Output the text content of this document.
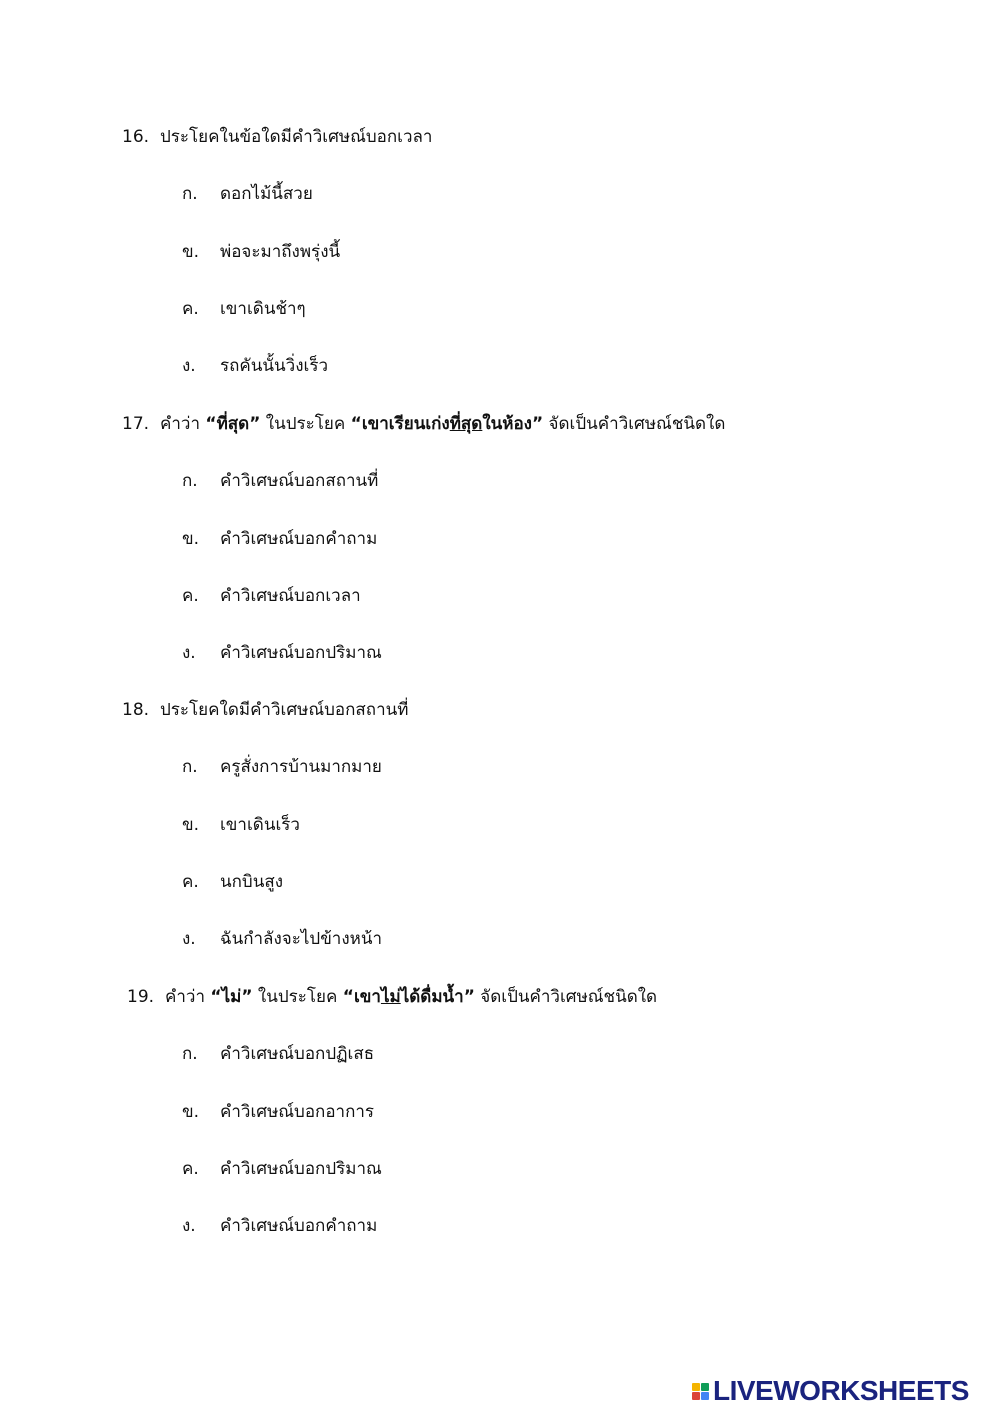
16. ประโยคในข้อใดมีคำวิเศษณ์บอกเวลา
ก. ดอกไม้นี้สวย
ข. พ่อจะมาถึงพรุ่งนี้
ค. เขาเดินช้าๆ
ง. รถคันนั้นวิ่งเร็ว
17. คำว่า “ที่สุด” ในประโยค “เขาเรียนเก่งที่สุดในห้อง” จัดเป็นคำวิเศษณ์ชนิดใด
ก. คำวิเศษณ์บอกสถานที่
ข. คำวิเศษณ์บอกคำถาม
ค. คำวิเศษณ์บอกเวลา
ง. คำวิเศษณ์บอกปริมาณ
18. ประโยคใดมีคำวิเศษณ์บอกสถานที่
ก. ครูสั่งการบ้านมากมาย
ข. เขาเดินเร็ว
ค. นกบินสูง
ง. ฉันกำลังจะไปข้างหน้า
19. คำว่า “ไม่” ในประโยค “เขาไม่ได้ดื่มน้ำ” จัดเป็นคำวิเศษณ์ชนิดใด
ก. คำวิเศษณ์บอกปฏิเสธ
ข. คำวิเศษณ์บอกอาการ
ค. คำวิเศษณ์บอกปริมาณ
ง. คำวิเศษณ์บอกคำถาม
LIVEWORKSHEETS
